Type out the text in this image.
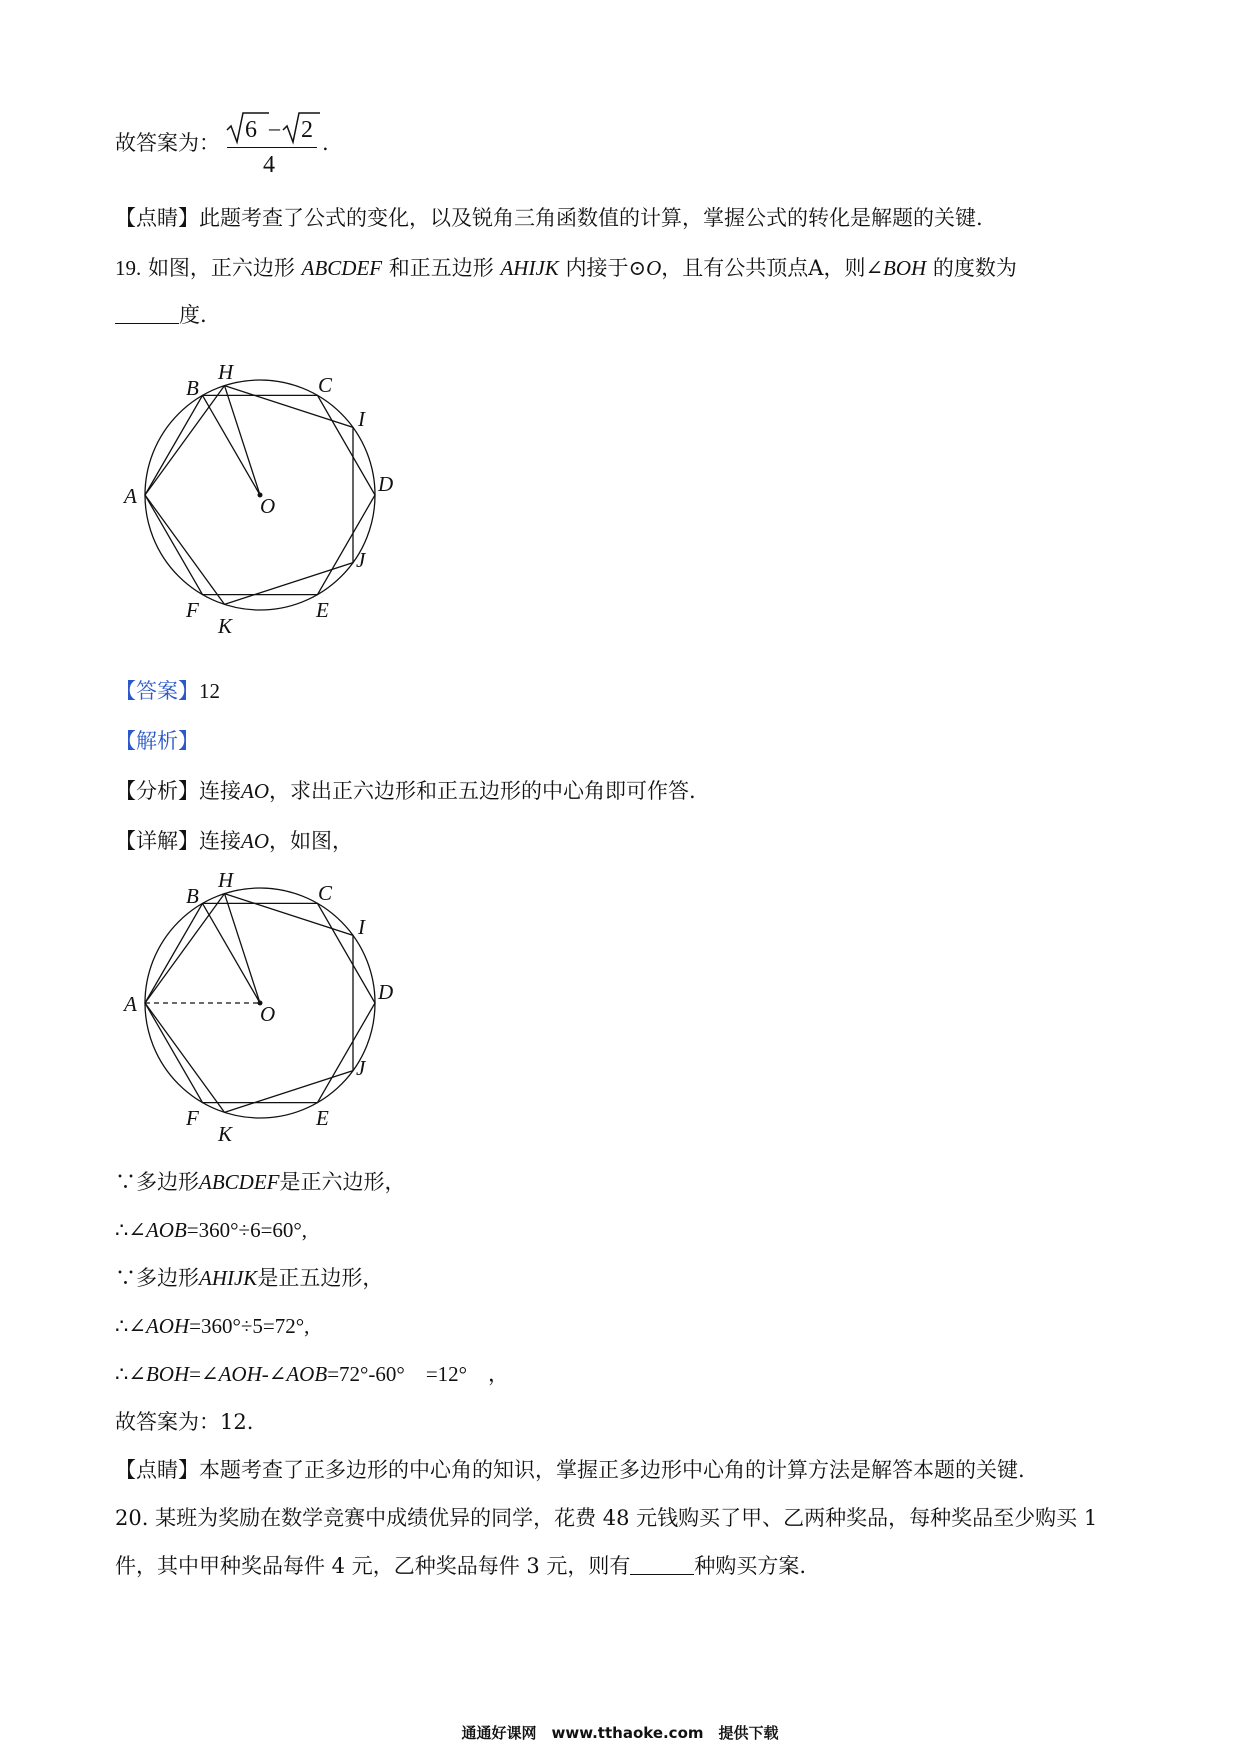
故答案为： 6 – 2
4
.
【点睛】此题考查了公式的变化，以及锐角三角函数值的计算，掌握公式的转化是解题的关键.
19. 如图，正六边形 ABCDEF 和正五边形 AHIJK 内接于⊙O，且有公共顶点A，则∠BOH 的度数为
度.
A
B
H
C
I
D
O
J
E
F
K
【答案】12
【解析】
【分析】连接AO，求出正六边形和正五边形的中心角即可作答.
【详解】连接AO，如图，
A
B
H
C
I
D
O
J
E
F
K
∵多边形ABCDEF是正六边形，
∴∠AOB=360°÷6=60°,
∵多边形AHIJK是正五边形，
∴∠AOH=360°÷5=72°,
∴∠BOH=∠AOH-∠AOB=72°-60°　=12°　，
故答案为：12.
【点睛】本题考查了正多边形的中心角的知识，掌握正多边形中心角的计算方法是解答本题的关键.
20. 某班为奖励在数学竞赛中成绩优异的同学，花费 48 元钱购买了甲、乙两种奖品，每种奖品至少购买 1
件，其中甲种奖品每件 4 元，乙种奖品每件 3 元，则有	种购买方案.
通通好课网　www.tthaoke.com　提供下载
